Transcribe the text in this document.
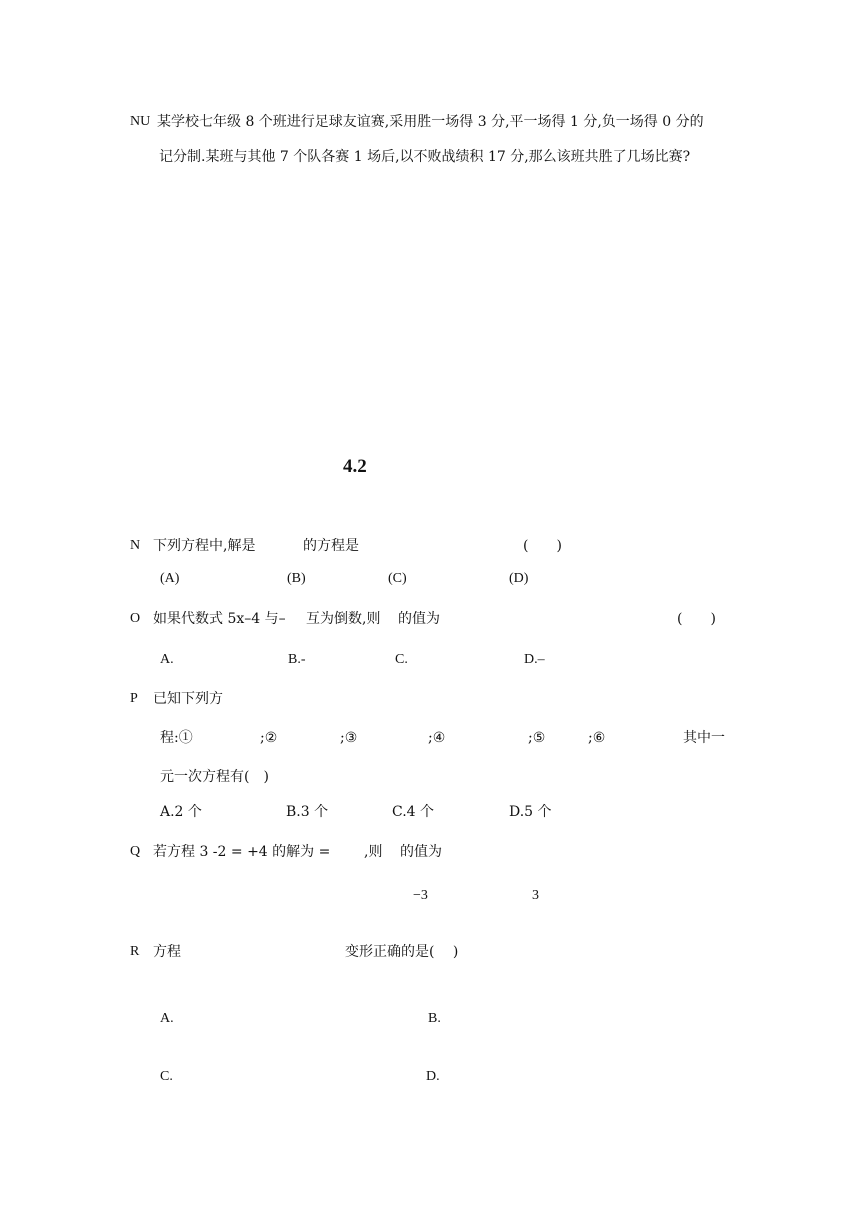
NU 某学校七年级 8 个班进行足球友谊赛,采用胜一场得 3 分,平一场得 1 分,负一场得 0 分的
记分制.某班与其他 7 个队各赛 1 场后,以不败战绩积 17 分,那么该班共胜了几场比赛?
4.2
N 下列方程中,解是	的方程是	(　　)
(A)	(B)	(C)	(D)
O 如果代数式 5x–4 与– 互为倒数,则 的值为	(　　)
A.	B.-	C.	D.–
P 已知下列方
程:①	;②	;③	;④	;⑤	;⑥	其中一
元一次方程有(　)
A.2 个	B.3 个	C.4 个	D.5 个
Q 若方程 3 -2 = +4 的解为 = ,则 的值为
−3	3
R 方程	变形正确的是(　 )
A.	B.
C.	D.
